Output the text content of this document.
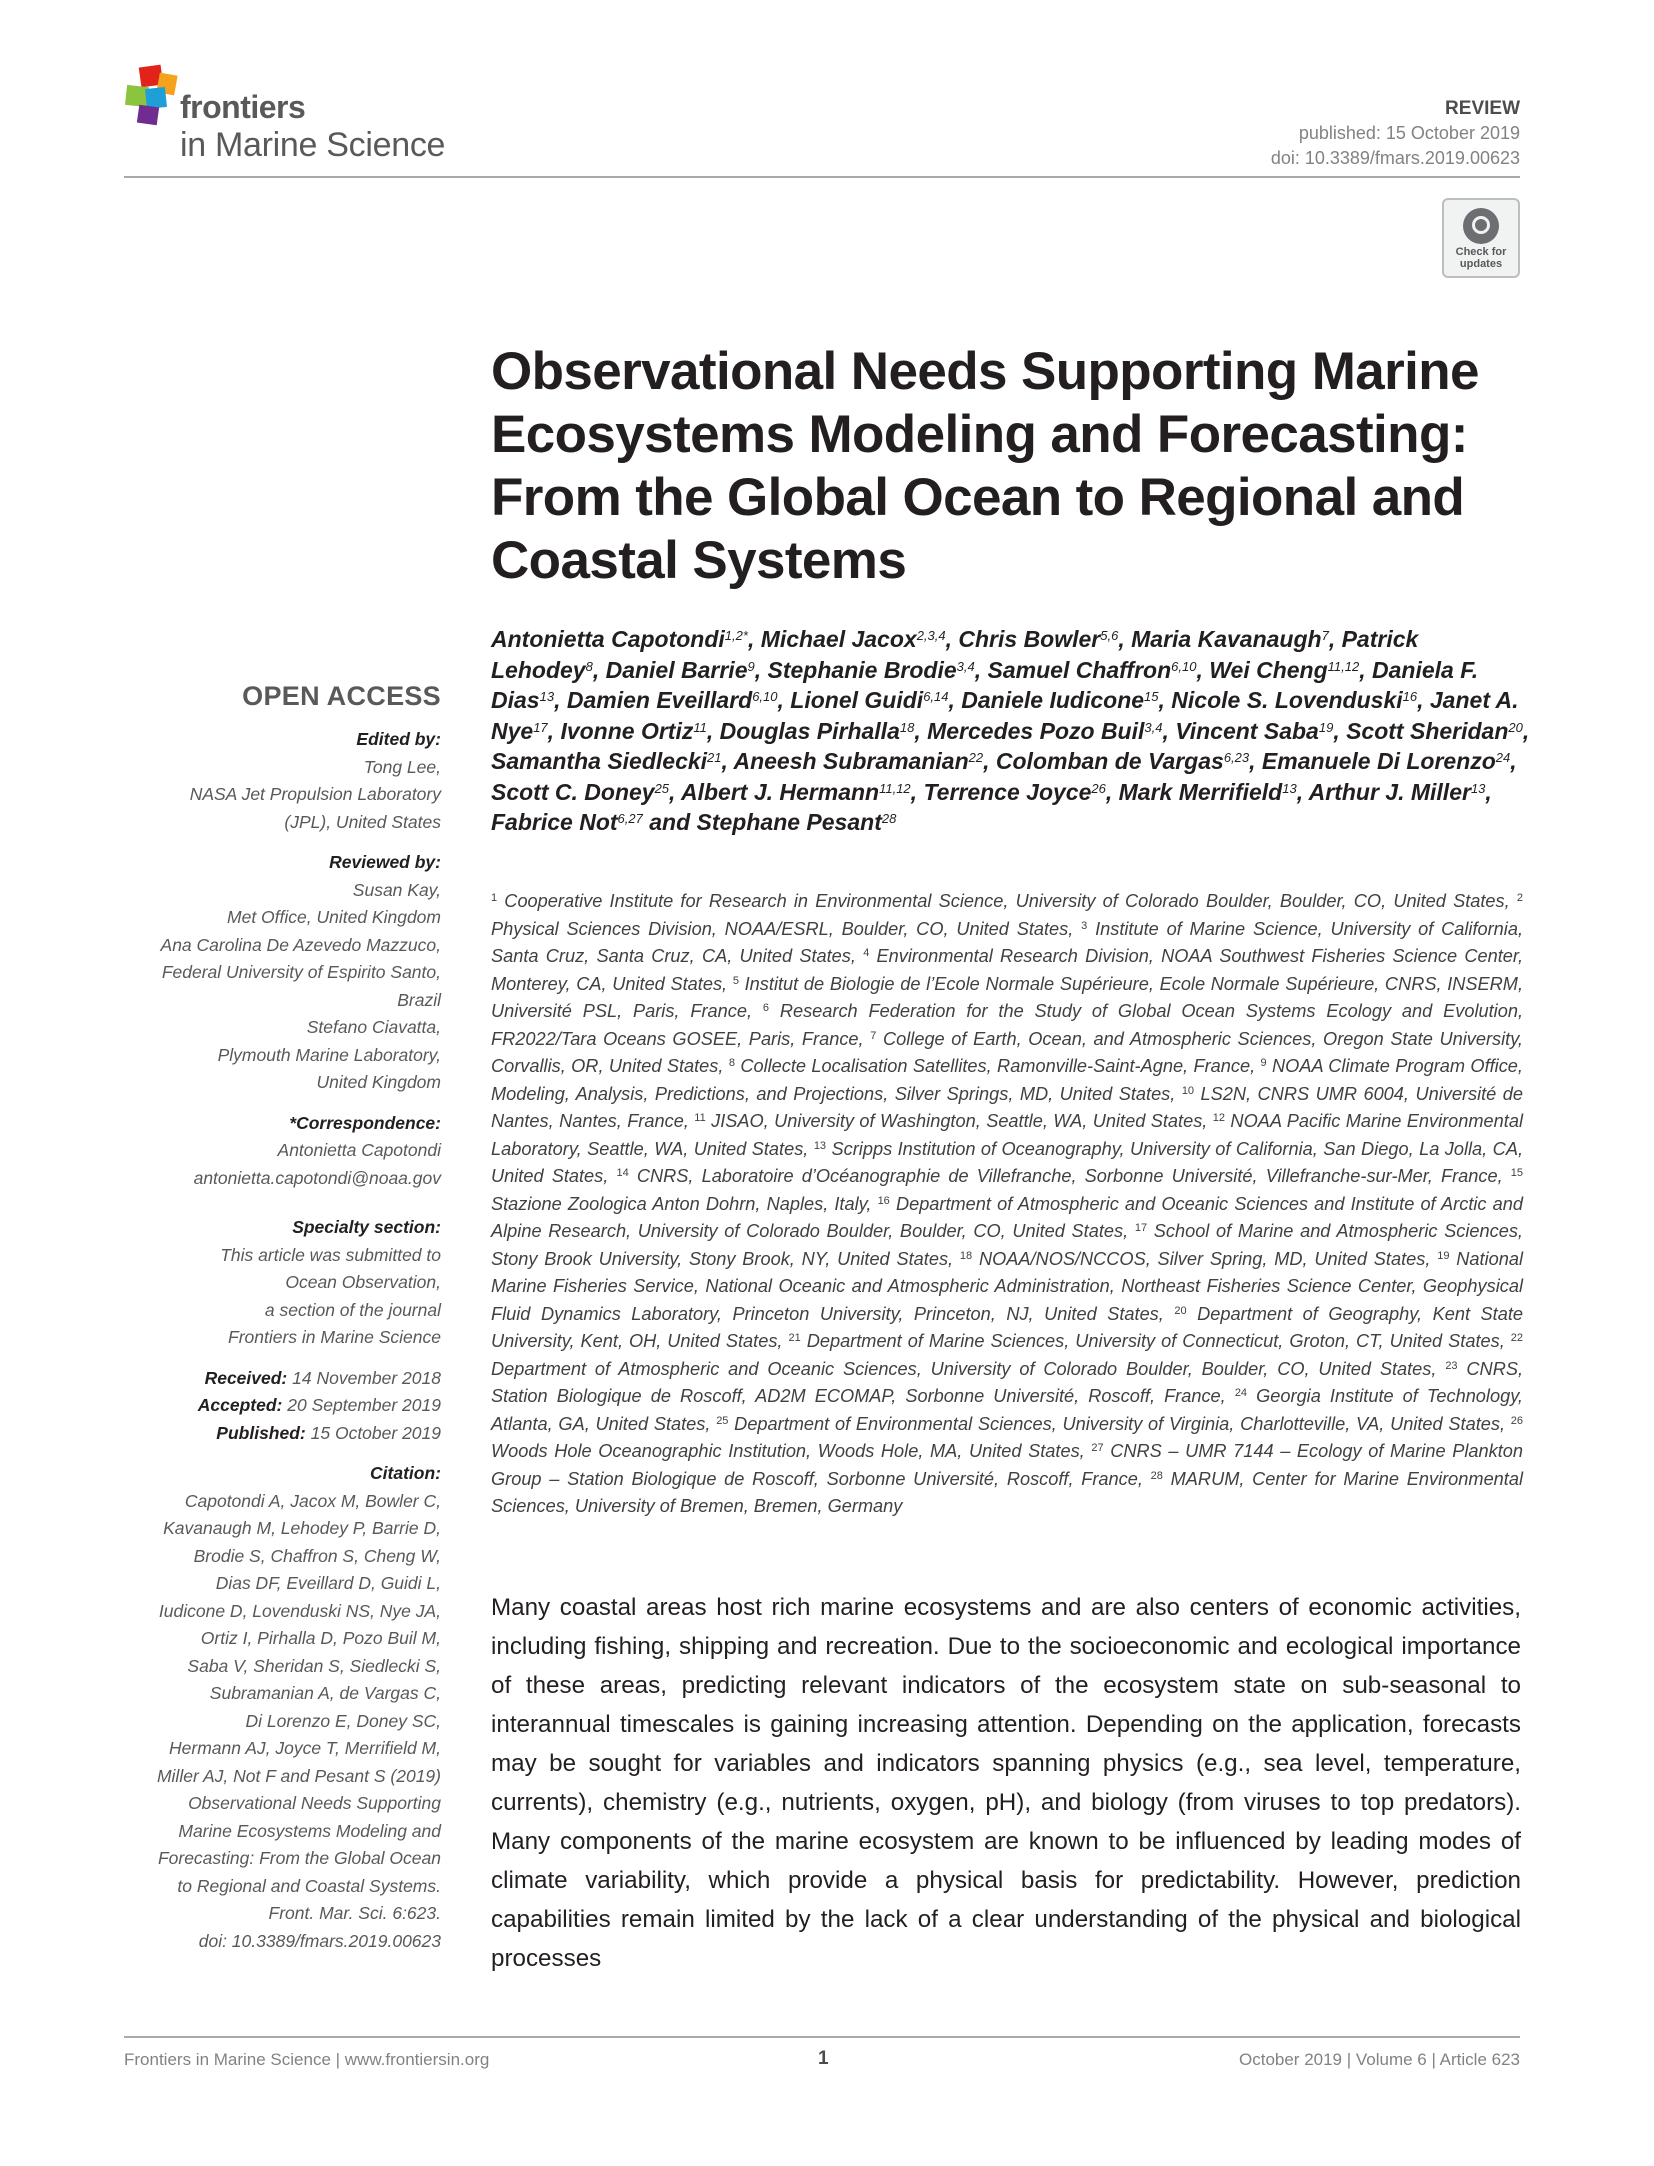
frontiers
in Marine Science
REVIEW
published: 15 October 2019
doi: 10.3389/fmars.2019.00623
Check for updates
Observational Needs Supporting Marine Ecosystems Modeling and Forecasting: From the Global Ocean to Regional and Coastal Systems
Antonietta Capotondi$^{1,2*}$, Michael Jacox$^{2,3,4}$, Chris Bowler$^{5,6}$, Maria Kavanaugh$^7$, Patrick Lehodey$^8$, Daniel Barrie$^9$, Stephanie Brodie$^{3,4}$, Samuel Chaffron$^{6,10}$, Wei Cheng$^{11,12}$, Daniela F. Dias$^{13}$, Damien Eveillard$^{6,10}$, Lionel Guidi$^{6,14}$, Daniele Iudicone$^{15}$, Nicole S. Lovenduski$^{16}$, Janet A. Nye$^{17}$, Ivonne Ortiz$^{11}$, Douglas Pirhalla$^{18}$, Mercedes Pozo Buil$^{3,4}$, Vincent Saba$^{19}$, Scott Sheridan$^{20}$, Samantha Siedlecki$^{21}$, Aneesh Subramanian$^{22}$, Colomban de Vargas$^{6,23}$, Emanuele Di Lorenzo$^{24}$, Scott C. Doney$^{25}$, Albert J. Hermann$^{11,12}$, Terrence Joyce$^{26}$, Mark Merrifield$^{13}$, Arthur J. Miller$^{13}$, Fabrice Not$^{6,27}$ and Stephane Pesant$^{28}$
$^1$ Cooperative Institute for Research in Environmental Science, University of Colorado Boulder, Boulder, CO, United States, $^2$ Physical Sciences Division, NOAA/ESRL, Boulder, CO, United States, $^3$ Institute of Marine Science, University of California, Santa Cruz, Santa Cruz, CA, United States, $^4$ Environmental Research Division, NOAA Southwest Fisheries Science Center, Monterey, CA, United States, $^5$ Institut de Biologie de l’Ecole Normale Supérieure, Ecole Normale Supérieure, CNRS, INSERM, Université PSL, Paris, France, $^6$ Research Federation for the Study of Global Ocean Systems Ecology and Evolution, FR2022/Tara Oceans GOSEE, Paris, France, $^7$ College of Earth, Ocean, and Atmospheric Sciences, Oregon State University, Corvallis, OR, United States, $^8$ Collecte Localisation Satellites, Ramonville-Saint-Agne, France, $^9$ NOAA Climate Program Office, Modeling, Analysis, Predictions, and Projections, Silver Springs, MD, United States, $^{10}$ LS2N, CNRS UMR 6004, Université de Nantes, Nantes, France, $^{11}$ JISAO, University of Washington, Seattle, WA, United States, $^{12}$ NOAA Pacific Marine Environmental Laboratory, Seattle, WA, United States, $^{13}$ Scripps Institution of Oceanography, University of California, San Diego, La Jolla, CA, United States, $^{14}$ CNRS, Laboratoire d’Océanographie de Villefranche, Sorbonne Université, Villefranche-sur-Mer, France, $^{15}$ Stazione Zoologica Anton Dohrn, Naples, Italy, $^{16}$ Department of Atmospheric and Oceanic Sciences and Institute of Arctic and Alpine Research, University of Colorado Boulder, Boulder, CO, United States, $^{17}$ School of Marine and Atmospheric Sciences, Stony Brook University, Stony Brook, NY, United States, $^{18}$ NOAA/NOS/NCCOS, Silver Spring, MD, United States, $^{19}$ National Marine Fisheries Service, National Oceanic and Atmospheric Administration, Northeast Fisheries Science Center, Geophysical Fluid Dynamics Laboratory, Princeton University, Princeton, NJ, United States, $^{20}$ Department of Geography, Kent State University, Kent, OH, United States, $^{21}$ Department of Marine Sciences, University of Connecticut, Groton, CT, United States, $^{22}$ Department of Atmospheric and Oceanic Sciences, University of Colorado Boulder, Boulder, CO, United States, $^{23}$ CNRS, Station Biologique de Roscoff, AD2M ECOMAP, Sorbonne Université, Roscoff, France, $^{24}$ Georgia Institute of Technology, Atlanta, GA, United States, $^{25}$ Department of Environmental Sciences, University of Virginia, Charlotteville, VA, United States, $^{26}$ Woods Hole Oceanographic Institution, Woods Hole, MA, United States, $^{27}$ CNRS – UMR 7144 – Ecology of Marine Plankton Group – Station Biologique de Roscoff, Sorbonne Université, Roscoff, France, $^{28}$ MARUM, Center for Marine Environmental Sciences, University of Bremen, Bremen, Germany
OPEN ACCESS
Edited by:
Tong Lee,
NASA Jet Propulsion Laboratory
(JPL), United States
Reviewed by:
Susan Kay,
Met Office, United Kingdom
Ana Carolina De Azevedo Mazzuco,
Federal University of Espirito Santo,
Brazil
Stefano Ciavatta,
Plymouth Marine Laboratory,
United Kingdom
*Correspondence:
Antonietta Capotondi
antonietta.capotondi@noaa.gov
Specialty section:
This article was submitted to
Ocean Observation,
a section of the journal
Frontiers in Marine Science
Received: 14 November 2018
Accepted: 20 September 2019
Published: 15 October 2019
Citation:
Capotondi A, Jacox M, Bowler C,
Kavanaugh M, Lehodey P, Barrie D,
Brodie S, Chaffron S, Cheng W,
Dias DF, Eveillard D, Guidi L,
Iudicone D, Lovenduski NS, Nye JA,
Ortiz I, Pirhalla D, Pozo Buil M,
Saba V, Sheridan S, Siedlecki S,
Subramanian A, de Vargas C,
Di Lorenzo E, Doney SC,
Hermann AJ, Joyce T, Merrifield M,
Miller AJ, Not F and Pesant S (2019)
Observational Needs Supporting
Marine Ecosystems Modeling and
Forecasting: From the Global Ocean
to Regional and Coastal Systems.
Front. Mar. Sci. 6:623.
doi: 10.3389/fmars.2019.00623
Many coastal areas host rich marine ecosystems and are also centers of economic activities, including fishing, shipping and recreation. Due to the socioeconomic and ecological importance of these areas, predicting relevant indicators of the ecosystem state on sub-seasonal to interannual timescales is gaining increasing attention. Depending on the application, forecasts may be sought for variables and indicators spanning physics (e.g., sea level, temperature, currents), chemistry (e.g., nutrients, oxygen, pH), and biology (from viruses to top predators). Many components of the marine ecosystem are known to be influenced by leading modes of climate variability, which provide a physical basis for predictability. However, prediction capabilities remain limited by the lack of a clear understanding of the physical and biological processes
Frontiers in Marine Science | www.frontiersin.org	1	October 2019 | Volume 6 | Article 623
